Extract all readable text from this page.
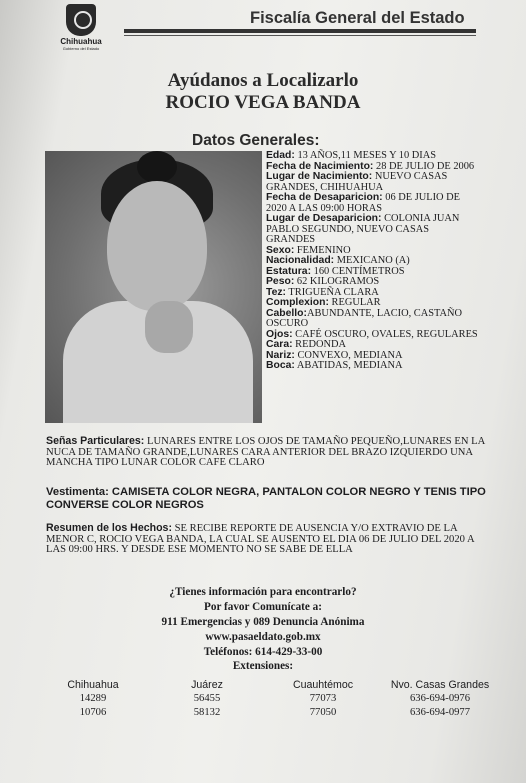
Chihuahua
Gobierno del Estado
Fiscalía General del Estado
Ayúdanos a Localizarlo
ROCIO VEGA BANDA
Datos Generales:

Edad: 13 AÑOS,11 MESES Y 10 DIAS

Fecha de Nacimiento: 28 DE JULIO DE 2006

Lugar de Nacimiento: NUEVO CASAS GRANDES, CHIHUAHUA

Fecha de Desaparicion: 06 DE JULIO DE 2020 A LAS 09:00 HORAS

Lugar de Desaparicion: COLONIA JUAN PABLO SEGUNDO, NUEVO CASAS GRANDES

Sexo: FEMENINO

Nacionalidad: MEXICANO (A)

Estatura: 160 CENTÍMETROS

Peso: 62 KILOGRAMOS

Tez: TRIGUEÑA CLARA

Complexion: REGULAR

Cabello:ABUNDANTE, LACIO, CASTAÑO OSCURO

Ojos: CAFÉ OSCURO, OVALES, REGULARES

Cara: REDONDA

Nariz: CONVEXO, MEDIANA

Boca: ABATIDAS, MEDIANA

Señas Particulares: LUNARES ENTRE LOS OJOS DE TAMAÑO PEQUEÑO,LUNARES EN LA NUCA DE TAMAÑO GRANDE,LUNARES CARA ANTERIOR DEL BRAZO IZQUIERDO UNA MANCHA TIPO LUNAR COLOR CAFE CLARO
Vestimenta: CAMISETA COLOR NEGRA, PANTALON COLOR NEGRO Y TENIS TIPO CONVERSE COLOR NEGROS
Resumen de los Hechos: SE RECIBE REPORTE DE AUSENCIA Y/O EXTRAVIO DE LA MENOR C, ROCIO VEGA BANDA, LA CUAL SE AUSENTO EL DIA 06 DE JULIO DEL 2020 A LAS 09:00 HRS. Y DESDE ESE MOMENTO NO SE SABE DE ELLA
¿Tienes información para encontrarlo?
Por favor Comunícate a:
911 Emergencias y 089 Denuncia Anónima
www.pasaeldato.gob.mx
Teléfonos: 614-429-33-00
Extensiones:
Chihuahua
14289
10706
Juárez
56455
58132
Cuauhtémoc
77073
77050
Nvo. Casas Grandes
636-694-0976
636-694-0977
